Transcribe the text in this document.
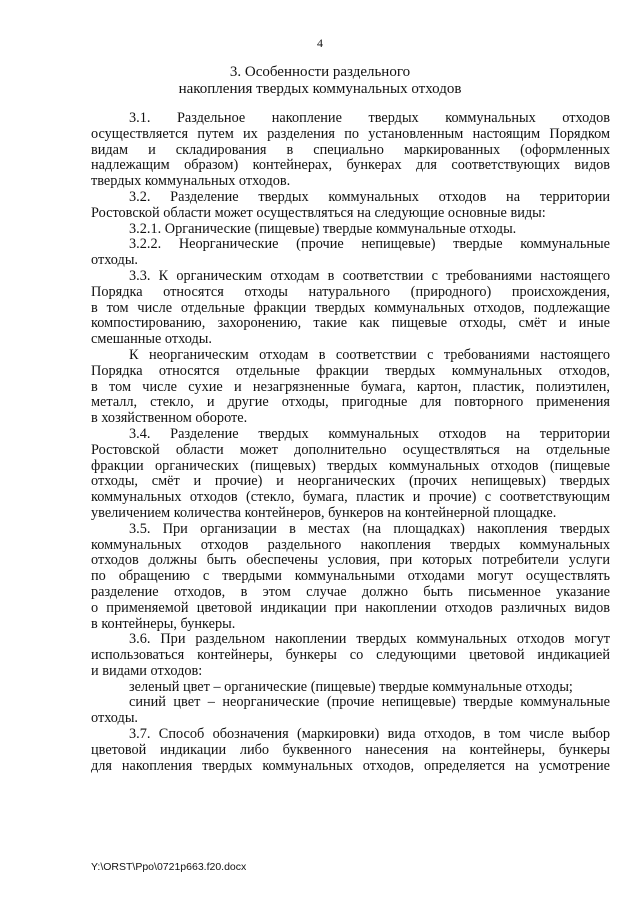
4
3. Особенности раздельного
накопления твердых коммунальных отходов
3.1. Раздельное накопление твердых коммунальных отходов
осуществляется путем их разделения по установленным настоящим Порядком
видам и складирования в специально маркированных (оформленных
надлежащим образом) контейнерах, бункерах для соответствующих видов
твердых коммунальных отходов.
3.2. Разделение твердых коммунальных отходов на территории
Ростовской области может осуществляться на следующие основные виды:
3.2.1. Органические (пищевые) твердые коммунальные отходы.
3.2.2. Неорганические (прочие непищевые) твердые коммунальные
отходы.
3.3. К органическим отходам в соответствии с требованиями настоящего
Порядка относятся отходы натурального (природного) происхождения,
в том числе отдельные фракции твердых коммунальных отходов, подлежащие
компостированию, захоронению, такие как пищевые отходы, смёт и иные
смешанные отходы.
К неорганическим отходам в соответствии с требованиями настоящего
Порядка относятся отдельные фракции твердых коммунальных отходов,
в том числе сухие и незагрязненные бумага, картон, пластик, полиэтилен,
металл, стекло, и другие отходы, пригодные для повторного применения
в хозяйственном обороте.
3.4. Разделение твердых коммунальных отходов на территории
Ростовской области может дополнительно осуществляться на отдельные
фракции органических (пищевых) твердых коммунальных отходов (пищевые
отходы, смёт и прочие) и неорганических (прочих непищевых) твердых
коммунальных отходов (стекло, бумага, пластик и прочие) с соответствующим
увеличением количества контейнеров, бункеров на контейнерной площадке.
3.5. При организации в местах (на площадках) накопления твердых
коммунальных отходов раздельного накопления твердых коммунальных
отходов должны быть обеспечены условия, при которых потребители услуги
по обращению с твердыми коммунальными отходами могут осуществлять
разделение отходов, в этом случае должно быть письменное указание
о применяемой цветовой индикации при накоплении отходов различных видов
в контейнеры, бункеры.
3.6. При раздельном накоплении твердых коммунальных отходов могут
использоваться контейнеры, бункеры со следующими цветовой индикацией
и видами отходов:
зеленый цвет – органические (пищевые) твердые коммунальные отходы;
синий цвет – неорганические (прочие непищевые) твердые коммунальные
отходы.
3.7. Способ обозначения (маркировки) вида отходов, в том числе выбор
цветовой индикации либо буквенного нанесения на контейнеры, бункеры
для накопления твердых коммунальных отходов, определяется на усмотрение
Y:\ORST\Ppo\0721p663.f20.docx
